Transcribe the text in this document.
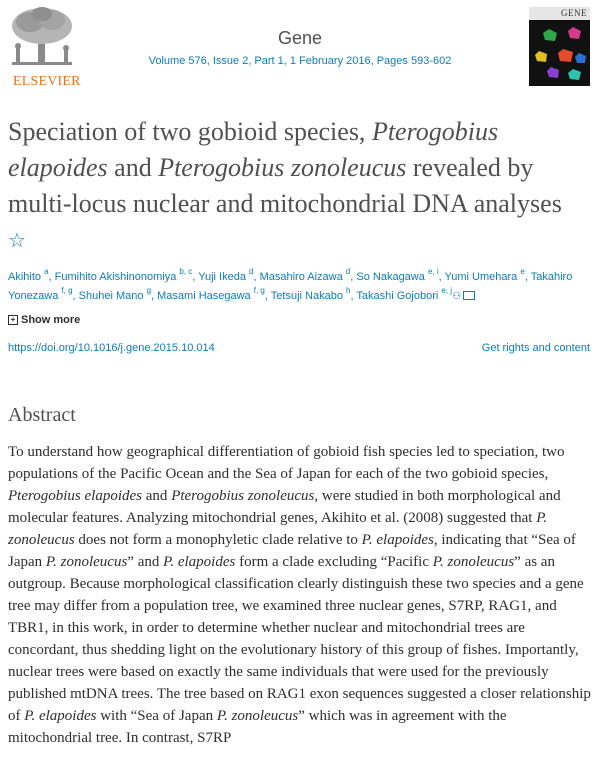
ELSEVIER
Gene
Volume 576, Issue 2, Part 1, 1 February 2016, Pages 593-602
GENE
Speciation of two gobioid species, Pterogobius elapoides and Pterogobius zonoleucus revealed by multi-locus nuclear and mitochondrial DNA analyses ☆
Akihito $^a$, Fumihito Akishinonomiya $^{b, c}$, Yuji Ikeda $^d$, Masahiro Aizawa $^d$, So Nakagawa $^{e, i}$, Yumi Umehara $^e$, Takahiro Yonezawa $^{f, g}$, Shuhei Mano $^g$, Masami Hasegawa $^{f, g}$, Tetsuji Nakabo $^h$, Takashi Gojobori $^{e, j}$⚇
+ Show more
https://doi.org/10.1016/j.gene.2015.10.014	Get rights and content
Abstract

To understand how geographical differentiation of gobioid fish species led to speciation, two populations of the Pacific Ocean and the Sea of Japan for each of the two gobioid species, Pterogobius elapoides and Pterogobius zonoleucus, were studied in both morphological and molecular features. Analyzing mitochondrial genes, Akihito et al. (2008) suggested that P. zonoleucus does not form a monophyletic clade relative to P. elapoides, indicating that “Sea of Japan P. zonoleucus” and P. elapoides form a clade excluding “Pacific P. zonoleucus” as an outgroup. Because morphological classification clearly distinguish these two species and a gene tree may differ from a population tree, we examined three nuclear genes, S7RP, RAG1, and TBR1, in this work, in order to determine whether nuclear and mitochondrial trees are concordant, thus shedding light on the evolutionary history of this group of fishes. Importantly, nuclear trees were based on exactly the same individuals that were used for the previously published mtDNA trees. The tree based on RAG1 exon sequences suggested a closer relationship of P. elapoides with “Sea of Japan P. zonoleucus” which was in agreement with the mitochondrial tree. In contrast, S7RP
